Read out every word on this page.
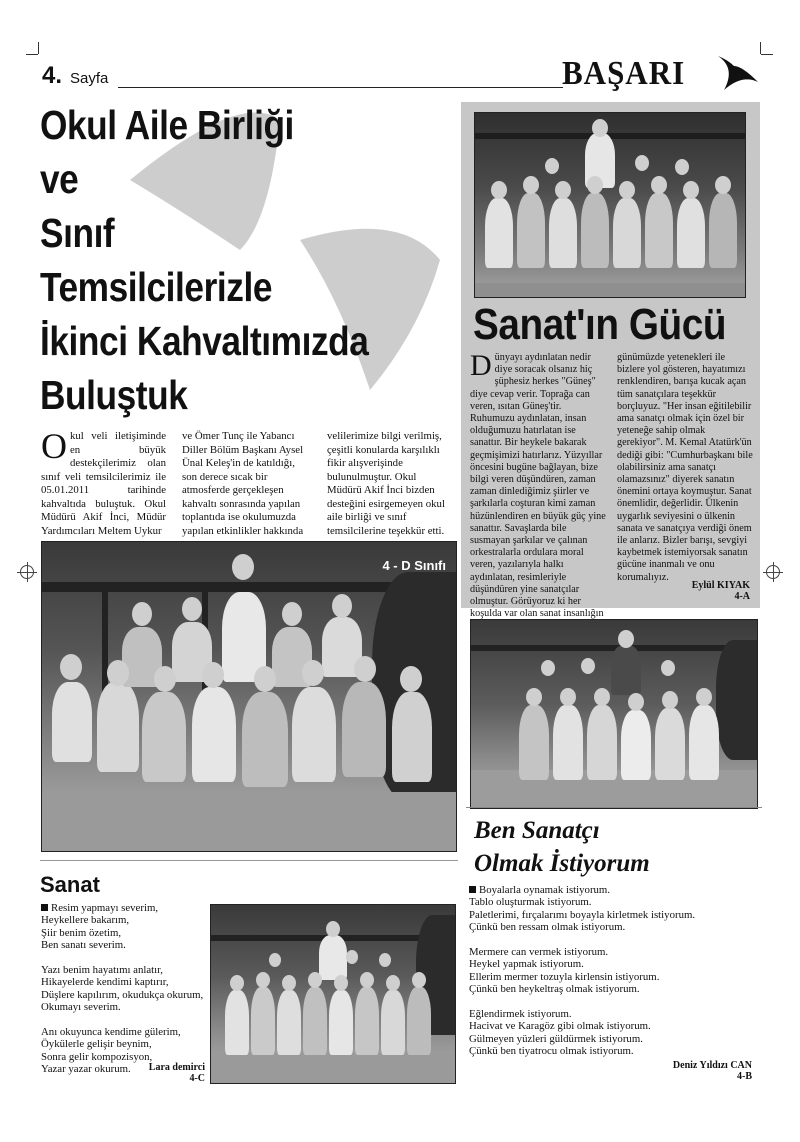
4. Sayfa	BAŞARI
Okul Aile Birliği
ve
Sınıf
Temsilcilerizle
İkinci Kahvaltımızda
Buluştuk
Okul veli iletişiminde en büyük destekçilerimiz olan sınıf veli temsilcilerimiz ile 05.01.2011 tarihinde kahvaltıda buluştuk. Okul Müdürü Akif İnci, Müdür Yardımcıları Meltem Uykur
ve Ömer Tunç ile Yabancı Diller Bölüm Başkanı Aysel Ünal Keleş'in de katıldığı, son derece sıcak bir atmosferde gerçekleşen kahvaltı sonrasında yapılan toplantıda ise okulumuzda yapılan etkinlikler hakkında
velilerimize bilgi verilmiş, çeşitli konularda karşılıklı fikir alışverişinde bulunulmuştur. Okul Müdürü Akif İnci bizden desteğini esirgemeyen okul aile birliği ve sınıf temsilcilerine teşekkür etti.
4 - D Sınıfı
Sanat'ın Gücü
Dünyayı aydınlatan nedir diye soracak olsanız hiç şüphesiz herkes "Güneş" diye cevap verir. Toprağa can veren, ısıtan Güneş'tir. Ruhumuzu aydınlatan, insan olduğumuzu hatırlatan ise sanattır. Bir heykele bakarak geçmişimizi hatırlarız. Yüzyıllar öncesini bugüne bağlayan, bize bilgi veren düşündüren, zaman zaman dinlediğimiz şiirler ve şarkılarla coşturan kimi zaman hüzünlendiren en büyük güç yine sanattır. Savaşlarda bile susmayan şarkılar ve çalınan orkestralarla ordulara moral veren, yazılarıyla halkı aydınlatan, resimleriyle düşündüren yine sanatçılar olmuştur. Görüyoruz ki her koşulda var olan sanat insanlığın
günümüzde yetenekleri ile bizlere yol gösteren, hayatımızı renklendiren, barışa kucak açan tüm sanatçılara teşekkür borçluyuz. "Her insan eğitilebilir ama sanatçı olmak için özel bir yeteneğe sahip olmak gerekiyor". M. Kemal Atatürk'ün dediği gibi: "Cumhurbaşkanı bile olabilirsiniz ama sanatçı olamazsınız" diyerek sanatın önemini ortaya koymuştur. Sanat önemlidir, değerlidir. Ülkenin uygarlık seviyesini o ülkenin sanata ve sanatçıya verdiği önem ile anlarız. Bizler barışı, sevgiyi kaybetmek istemiyorsak sanatın gücüne inanmalı ve onu korumalıyız.
Eylül KIYAK
4-A
Ben Sanatçı
Olmak İstiyorum

Boyalarla oynamak istiyorum.

Tablo oluşturmak istiyorum.

Paletlerimi, fırçalarımı boyayla kirletmek istiyorum.

Çünkü ben ressam olmak istiyorum.

Mermere can vermek istiyorum.

Heykel yapmak istiyorum.

Ellerim mermer tozuyla kirlensin istiyorum.

Çünkü ben heykeltraş olmak istiyorum.

Eğlendirmek istiyorum.

Hacivat ve Karagöz gibi olmak istiyorum.

Gülmeyen yüzleri güldürmek istiyorum.

Çünkü ben tiyatrocu olmak istiyorum.

Deniz Yıldızı CAN
4-B
Sanat

Resim yapmayı severim,

Heykellere bakarım,

Şiir benim özetim,

Ben sanatı severim.

Yazı benim hayatımı anlatır,

Hikayelerde kendimi kaptırır,

Düşlere kapılırım, okudukça okurum,

Okumayı severim.

Anı okuyunca kendime gülerim,

Öykülerle gelişir beynim,

Sonra gelir kompozisyon,

Yazar yazar okurum.	Lara demirci
4-C
